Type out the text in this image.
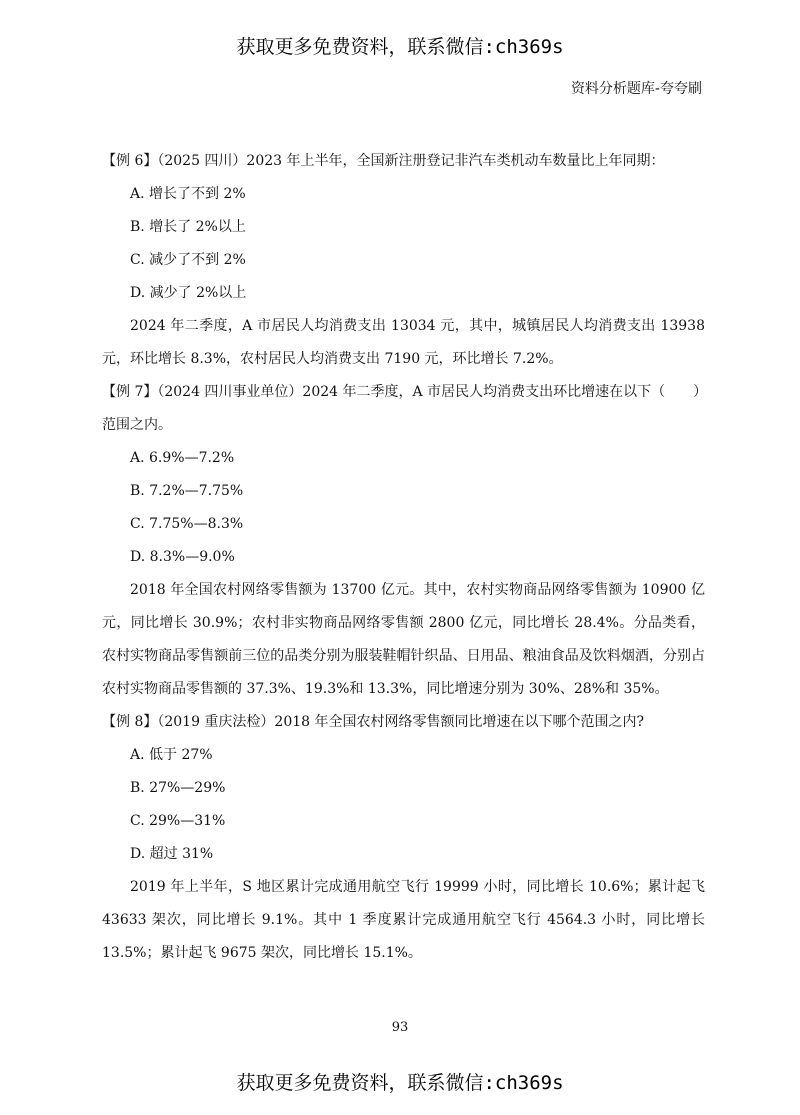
获取更多免费资料，联系微信:ch369s
资料分析题库-夸夸刷

【例 6】（2025 四川）2023 年上半年，全国新注册登记非汽车类机动车数量比上年同期：

A. 增长了不到 2%

B. 增长了 2%以上

C. 减少了不到 2%

D. 减少了 2%以上

2024 年二季度，A 市居民人均消费支出 13034 元，其中，城镇居民人均消费支出 13938 元，环比增长 8.3%，农村居民人均消费支出 7190 元，环比增长 7.2%。

【例 7】（2024 四川事业单位）2024 年二季度，A 市居民人均消费支出环比增速在以下（　　）范围之内。

A. 6.9%—7.2%

B. 7.2%—7.75%

C. 7.75%—8.3%

D. 8.3%—9.0%

2018 年全国农村网络零售额为 13700 亿元。其中，农村实物商品网络零售额为 10900 亿元，同比增长 30.9%；农村非实物商品网络零售额 2800 亿元，同比增长 28.4%。分品类看，农村实物商品零售额前三位的品类分别为服装鞋帽针织品、日用品、粮油食品及饮料烟酒，分别占农村实物商品零售额的 37.3%、19.3%和 13.3%，同比增速分别为 30%、28%和 35%。

【例 8】（2019 重庆法检）2018 年全国农村网络零售额同比增速在以下哪个范围之内?

A. 低于 27%

B. 27%—29%

C. 29%—31%

D. 超过 31%

2019 年上半年，S 地区累计完成通用航空飞行 19999 小时，同比增长 10.6%；累计起飞 43633 架次，同比增长 9.1%。其中 1 季度累计完成通用航空飞行 4564.3 小时，同比增长 13.5%；累计起飞 9675 架次，同比增长 15.1%。

93
获取更多免费资料，联系微信:ch369s
